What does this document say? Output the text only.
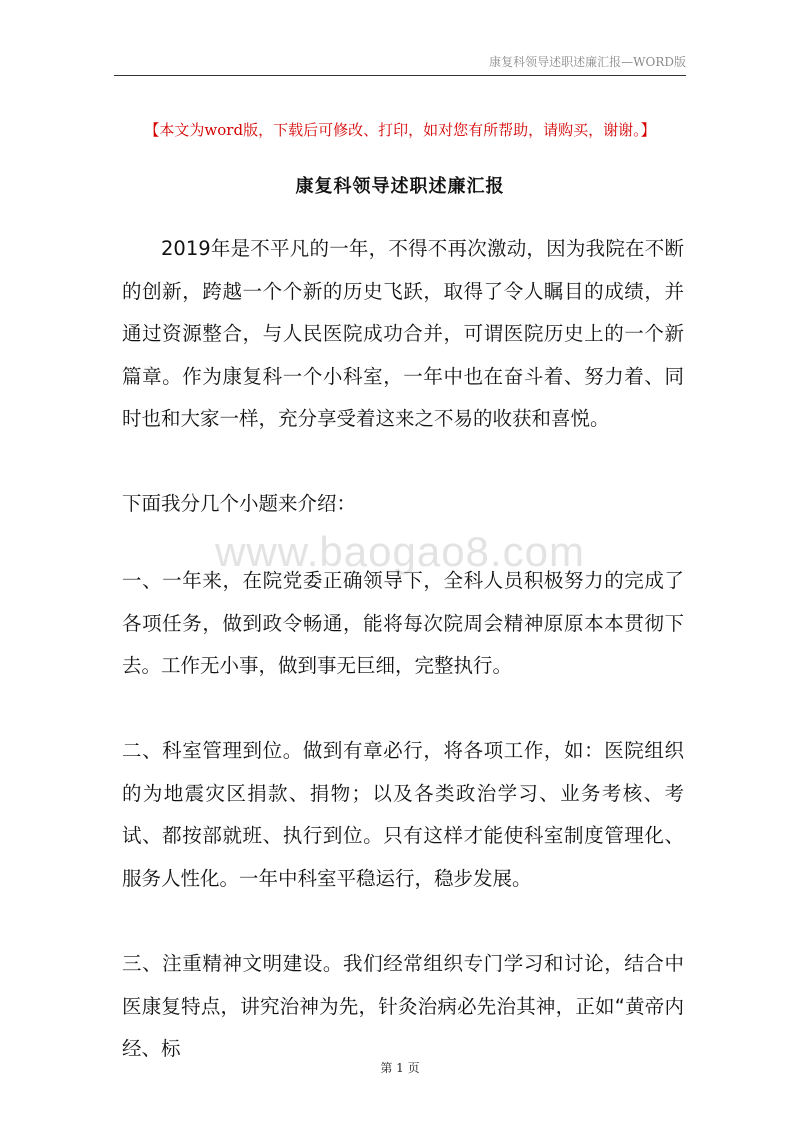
康复科领导述职述廉汇报—WORD版
【本文为word版，下载后可修改、打印，如对您有所帮助，请购买，谢谢。】
康复科领导述职述廉汇报

2019年是不平凡的一年，不得不再次激动，因为我院在不断的创新，跨越一个个新的历史飞跃，取得了令人瞩目的成绩，并通过资源整合，与人民医院成功合并，可谓医院历史上的一个新篇章。作为康复科一个小科室，一年中也在奋斗着、努力着、同时也和大家一样，充分享受着这来之不易的收获和喜悦。

下面我分几个小题来介绍：

www.baogao8.com

一、一年来，在院党委正确领导下，全科人员积极努力的完成了各项任务，做到政令畅通，能将每次院周会精神原原本本贯彻下去。工作无小事，做到事无巨细，完整执行。

二、科室管理到位。做到有章必行，将各项工作，如：医院组织的为地震灾区捐款、捐物；以及各类政治学习、业务考核、考试、都按部就班、执行到位。只有这样才能使科室制度管理化、服务人性化。一年中科室平稳运行，稳步发展。

三、注重精神文明建设。我们经常组织专门学习和讨论，结合中医康复特点，讲究治神为先，针灸治病必先治其神，正如“黄帝内经、标

第 1 页
